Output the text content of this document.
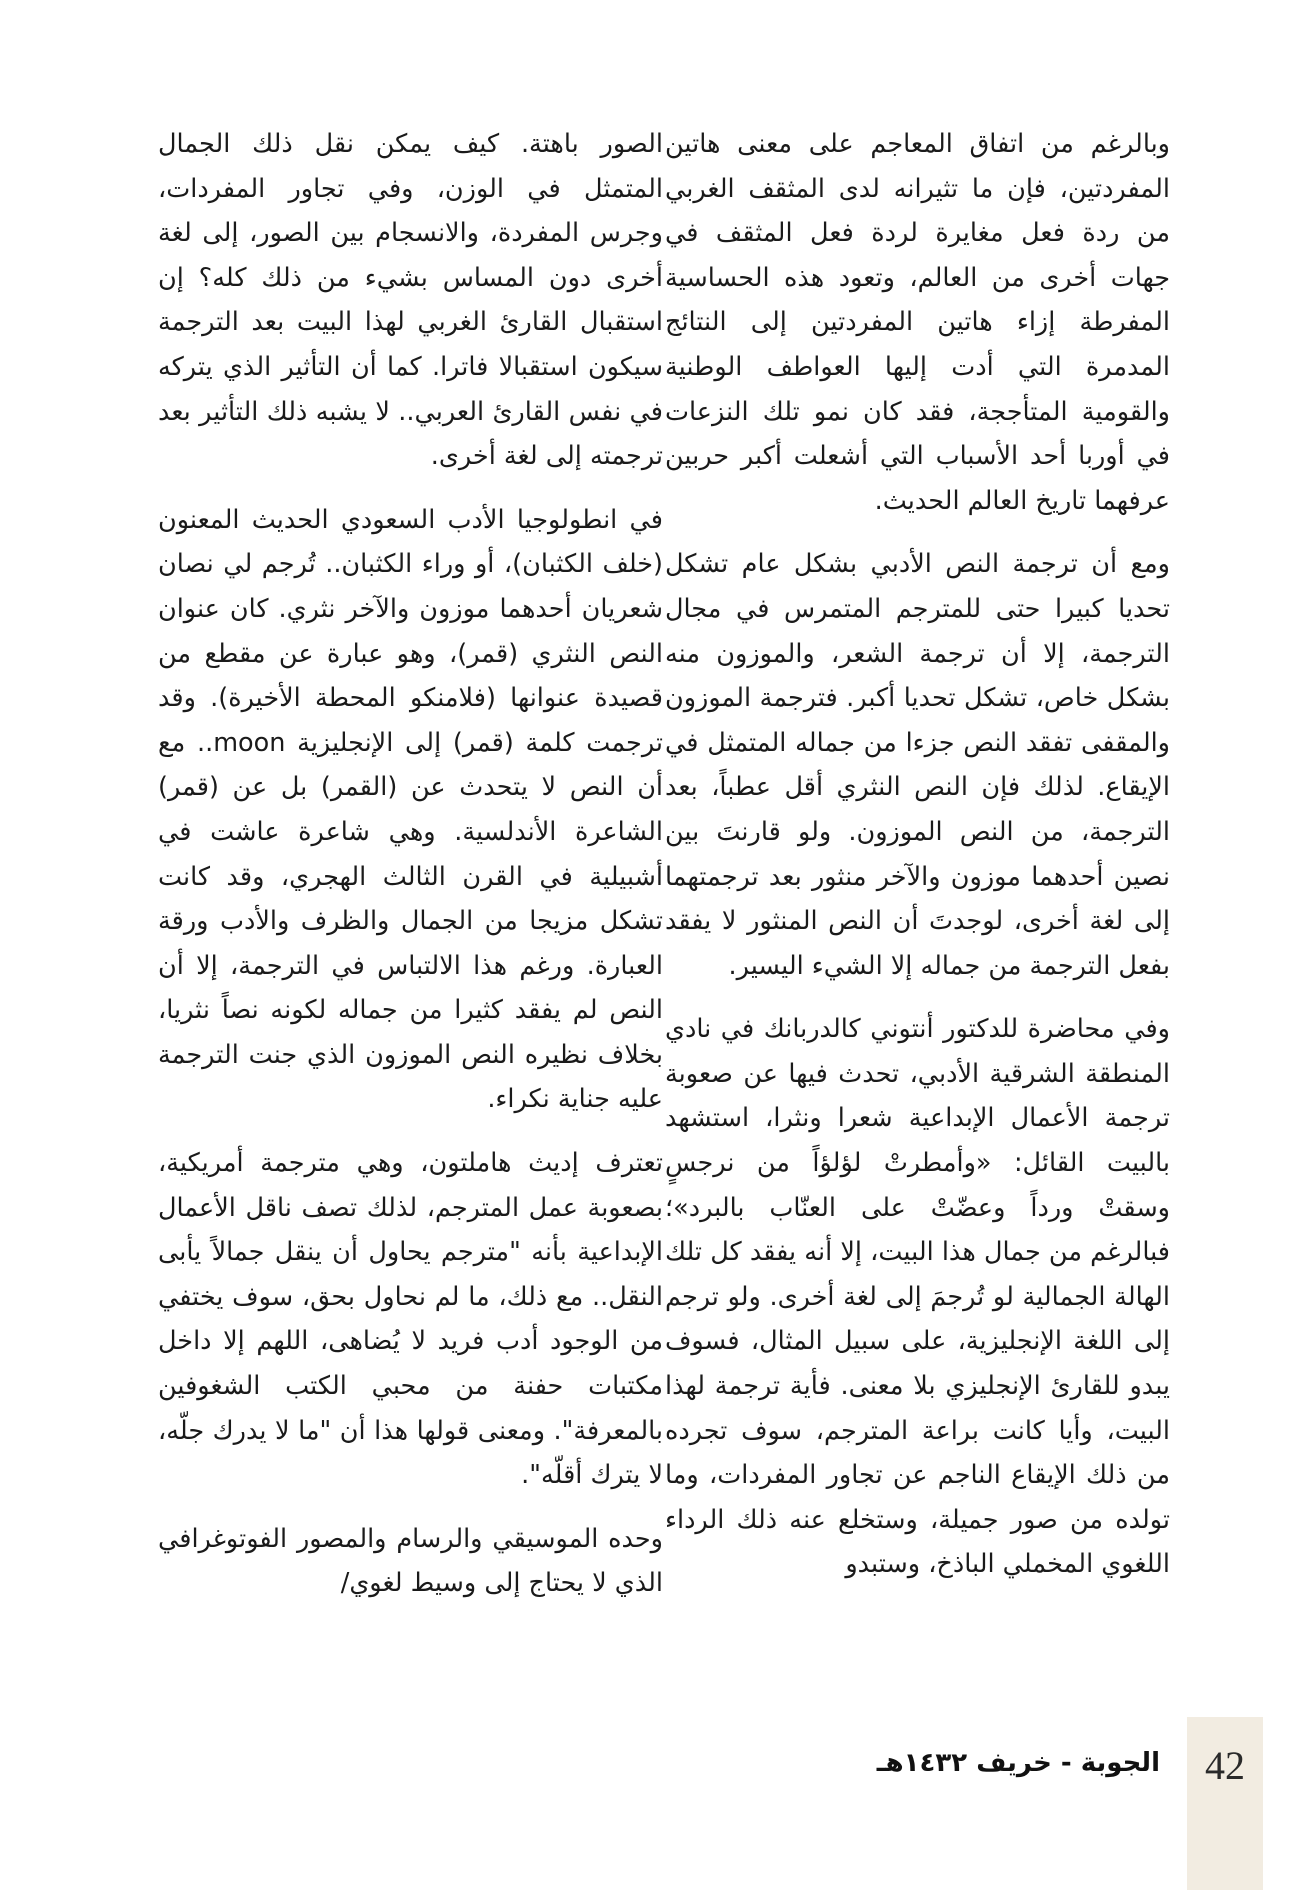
وبالرغم من اتفاق المعاجم على معنى هاتين المفردتين، فإن ما تثيرانه لدى المثقف الغربي من ردة فعل مغايرة لردة فعل المثقف في جهات أخرى من العالم، وتعود هذه الحساسية المفرطة إزاء هاتين المفردتين إلى النتائج المدمرة التي أدت إليها العواطف الوطنية والقومية المتأججة، فقد كان نمو تلك النزعات في أوربا أحد الأسباب التي أشعلت أكبر حربين عرفهما تاريخ العالم الحديث.

ومع أن ترجمة النص الأدبي بشكل عام تشكل تحديا كبيرا حتى للمترجم المتمرس في مجال الترجمة، إلا أن ترجمة الشعر، والموزون منه بشكل خاص، تشكل تحديا أكبر. فترجمة الموزون والمقفى تفقد النص جزءا من جماله المتمثل في الإيقاع. لذلك فإن النص النثري أقل عطباً، بعد الترجمة، من النص الموزون. ولو قارنتَ بين نصين أحدهما موزون والآخر منثور بعد ترجمتهما إلى لغة أخرى، لوجدتَ أن النص المنثور لا يفقد بفعل الترجمة من جماله إلا الشيء اليسير.

وفي محاضرة للدكتور أنتوني كالدربانك في نادي المنطقة الشرقية الأدبي، تحدث فيها عن صعوبة ترجمة الأعمال الإبداعية شعرا ونثرا، استشهد بالبيت القائل: «وأمطرتْ لؤلؤاً من نرجسٍ وسقتْ ورداً وعضّتْ على العنّاب بالبرد»؛ فبالرغم من جمال هذا البيت، إلا أنه يفقد كل تلك الهالة الجمالية لو تُرجمَ إلى لغة أخرى. ولو ترجم إلى اللغة الإنجليزية، على سبيل المثال، فسوف يبدو للقارئ الإنجليزي بلا معنى. فأية ترجمة لهذا البيت، وأيا كانت براعة المترجم، سوف تجرده من ذلك الإيقاع الناجم عن تجاور المفردات، وما تولده من صور جميلة، وستخلع عنه ذلك الرداء اللغوي المخملي الباذخ، وستبدو

الصور باهتة. كيف يمكن نقل ذلك الجمال المتمثل في الوزن، وفي تجاور المفردات، وجرس المفردة، والانسجام بين الصور، إلى لغة أخرى دون المساس بشيء من ذلك كله؟ إن استقبال القارئ الغربي لهذا البيت بعد الترجمة سيكون استقبالا فاترا. كما أن التأثير الذي يتركه في نفس القارئ العربي.. لا يشبه ذلك التأثير بعد ترجمته إلى لغة أخرى.

في انطولوجيا الأدب السعودي الحديث المعنون (خلف الكثبان)، أو وراء الكثبان.. تُرجم لي نصان شعريان أحدهما موزون والآخر نثري. كان عنوان النص النثري (قمر)، وهو عبارة عن مقطع من قصيدة عنوانها (فلامنكو المحطة الأخيرة). وقد ترجمت كلمة (قمر) إلى الإنجليزية moon.. مع أن النص لا يتحدث عن (القمر) بل عن (قمر) الشاعرة الأندلسية. وهي شاعرة عاشت في أشبيلية في القرن الثالث الهجري، وقد كانت تشكل مزيجا من الجمال والظرف والأدب ورقة العبارة. ورغم هذا الالتباس في الترجمة، إلا أن النص لم يفقد كثيرا من جماله لكونه نصاً نثريا، بخلاف نظيره النص الموزون الذي جنت الترجمة عليه جناية نكراء.

تعترف إديث هاملتون، وهي مترجمة أمريكية، بصعوبة عمل المترجم، لذلك تصف ناقل الأعمال الإبداعية بأنه "مترجم يحاول أن ينقل جمالاً يأبى النقل.. مع ذلك، ما لم نحاول بحق، سوف يختفي من الوجود أدب فريد لا يُضاهى، اللهم إلا داخل مكتبات حفنة من محبي الكتب الشغوفين بالمعرفة". ومعنى قولها هذا أن "ما لا يدرك جلّه، لا يترك أقلّه".

وحده الموسيقي والرسام والمصور الفوتوغرافي الذي لا يحتاج إلى وسيط لغوي/

42
الجوبة - خريف ١٤٣٢هـ
